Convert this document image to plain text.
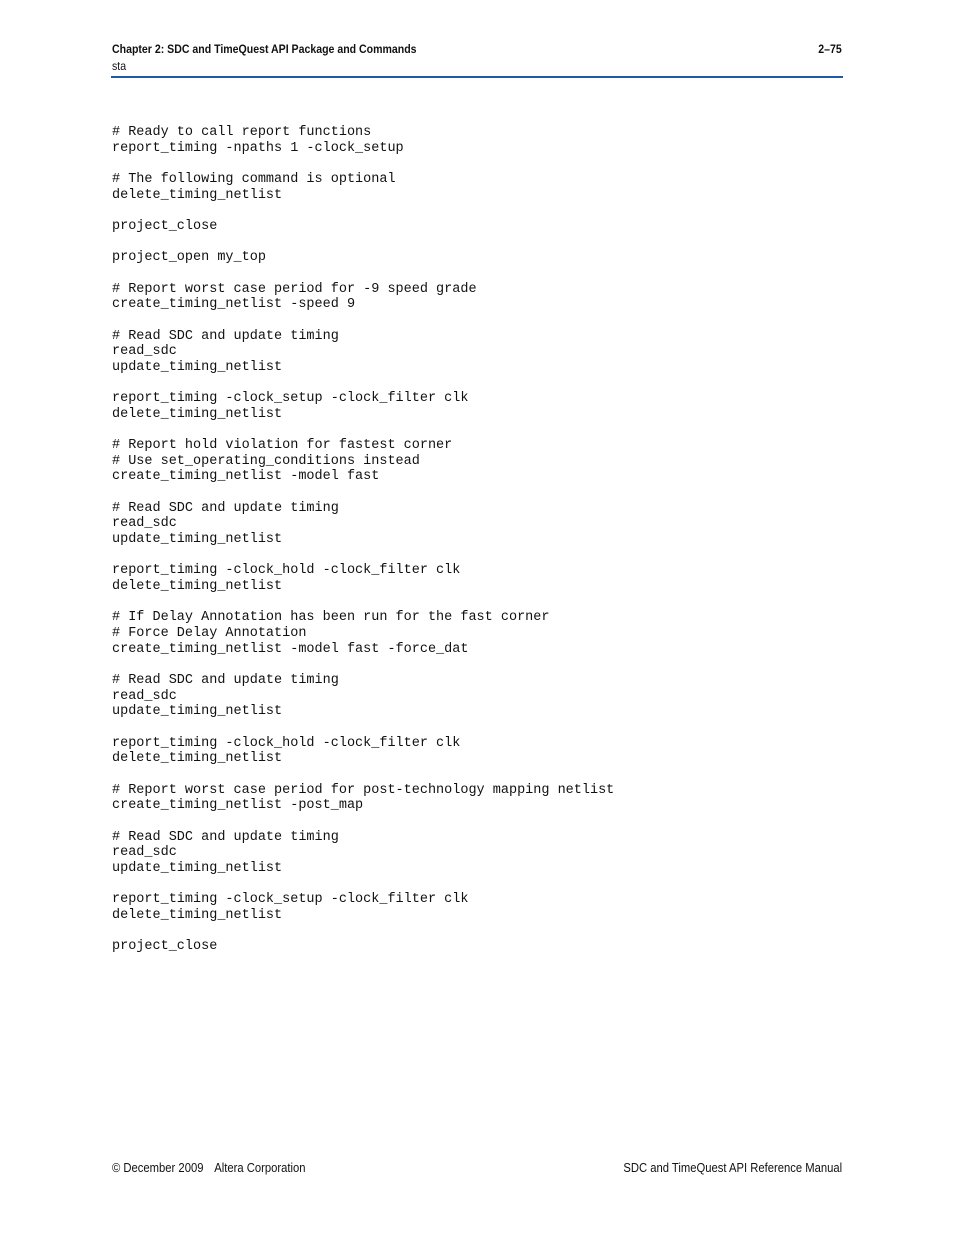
Chapter 2: SDC and TimeQuest API Package and Commands	2–75
sta
# Ready to call report functions
report_timing -npaths 1 -clock_setup

# The following command is optional
delete_timing_netlist

project_close

project_open my_top

# Report worst case period for -9 speed grade
create_timing_netlist -speed 9

# Read SDC and update timing
read_sdc
update_timing_netlist

report_timing -clock_setup -clock_filter clk
delete_timing_netlist

# Report hold violation for fastest corner
# Use set_operating_conditions instead
create_timing_netlist -model fast

# Read SDC and update timing
read_sdc
update_timing_netlist

report_timing -clock_hold -clock_filter clk
delete_timing_netlist

# If Delay Annotation has been run for the fast corner
# Force Delay Annotation
create_timing_netlist -model fast -force_dat

# Read SDC and update timing
read_sdc
update_timing_netlist

report_timing -clock_hold -clock_filter clk
delete_timing_netlist

# Report worst case period for post-technology mapping netlist
create_timing_netlist -post_map

# Read SDC and update timing
read_sdc
update_timing_netlist

report_timing -clock_setup -clock_filter clk
delete_timing_netlist

project_close
© December 2009 Altera Corporation	SDC and TimeQuest API Reference Manual
